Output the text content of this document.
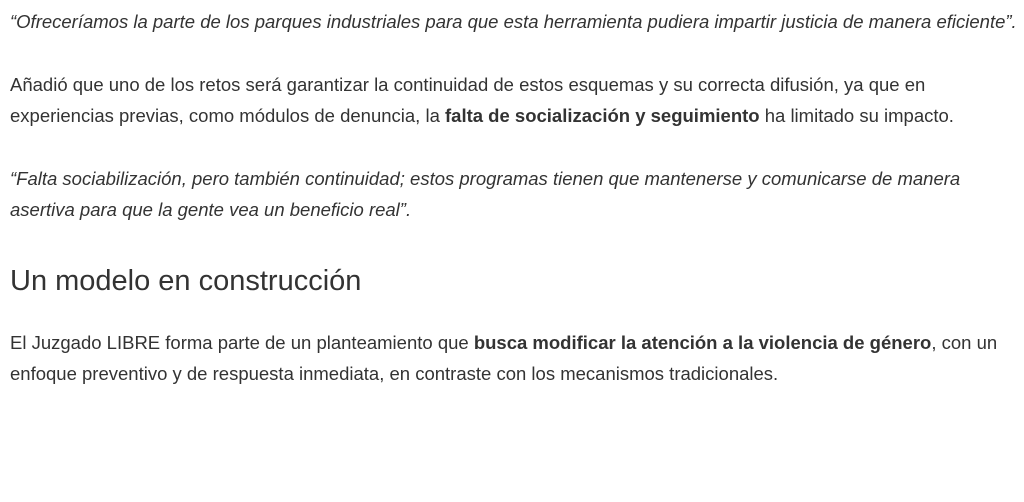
“Ofreceríamos la parte de los parques industriales para que esta herramienta pudiera impartir justicia de manera eficiente”.

Añadió que uno de los retos será garantizar la continuidad de estos esquemas y su correcta difusión, ya que en experiencias previas, como módulos de denuncia, la falta de socialización y seguimiento ha limitado su impacto.

“Falta sociabilización, pero también continuidad; estos programas tienen que mantenerse y comunicarse de manera asertiva para que la gente vea un beneficio real”.

Un modelo en construcción

El Juzgado LIBRE forma parte de un planteamiento que busca modificar la atención a la violencia de género, con un enfoque preventivo y de respuesta inmediata, en contraste con los mecanismos tradicionales.
